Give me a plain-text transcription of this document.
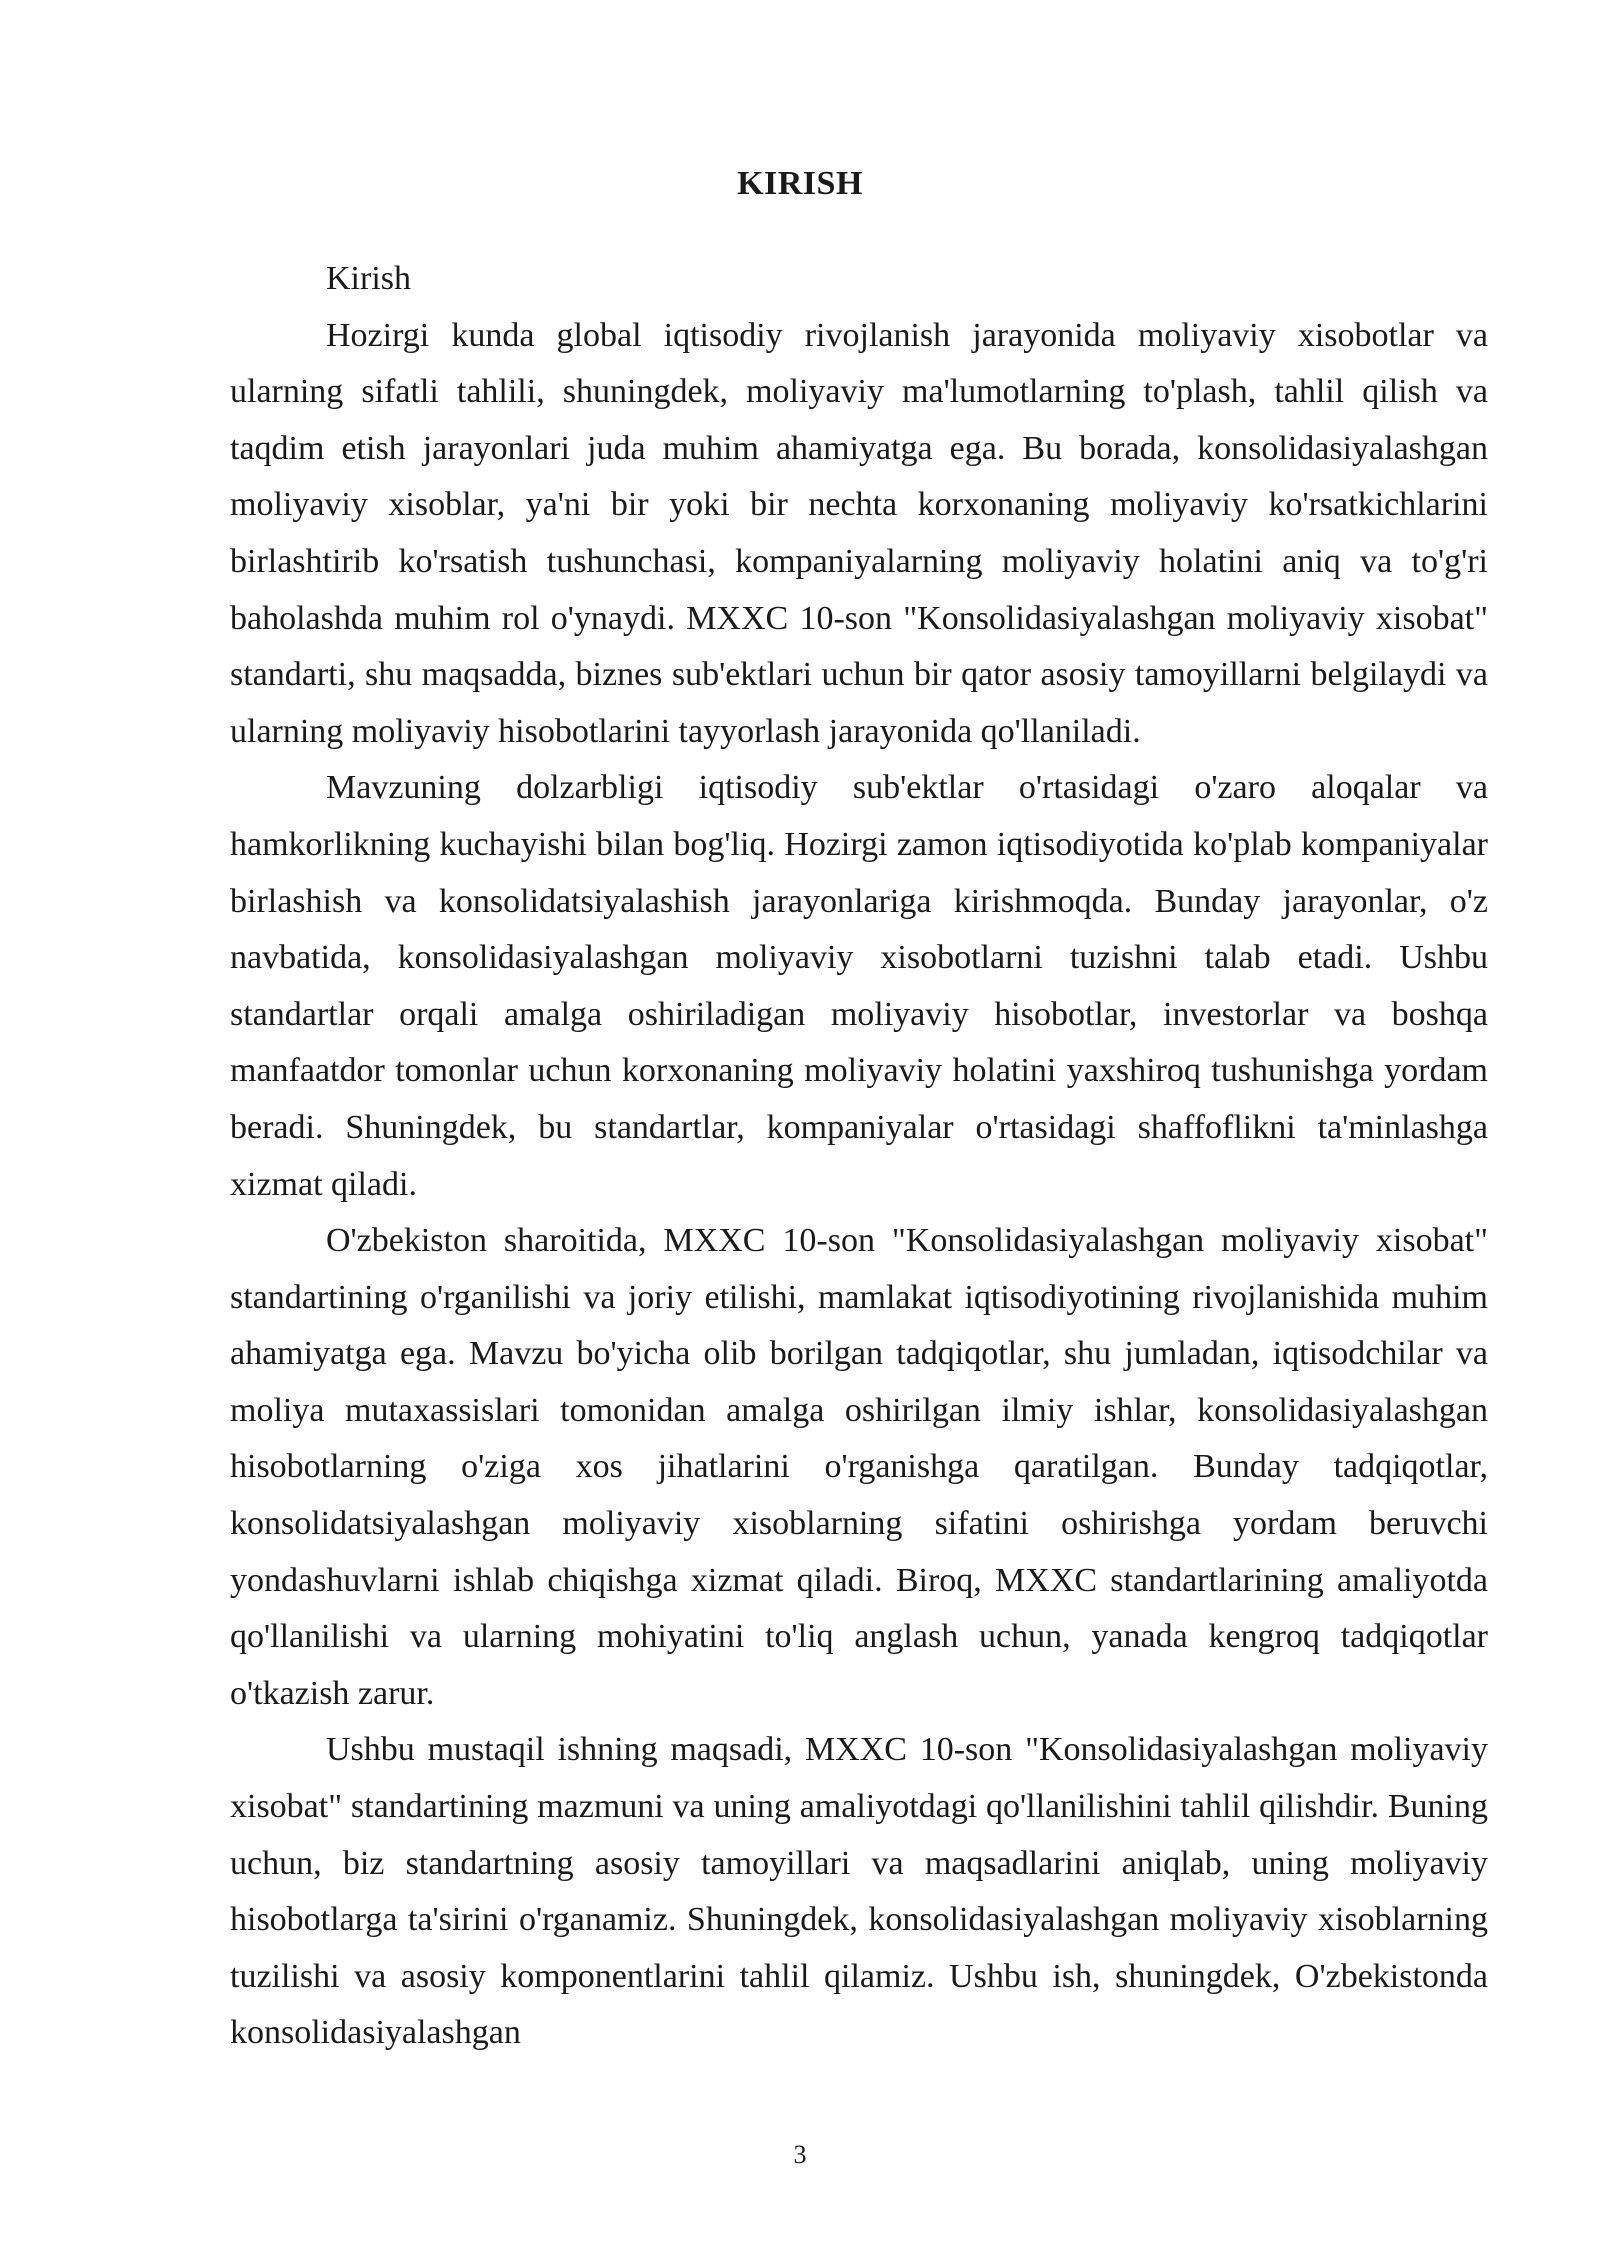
KIRISH

Kirish

Hozirgi kunda global iqtisodiy rivojlanish jarayonida moliyaviy xisobotlar va ularning sifatli tahlili, shuningdek, moliyaviy ma'lumotlarning to'plash, tahlil qilish va taqdim etish jarayonlari juda muhim ahamiyatga ega. Bu borada, konsolidasiyalashgan moliyaviy xisoblar, ya'ni bir yoki bir nechta korxonaning moliyaviy ko'rsatkichlarini birlashtirib ko'rsatish tushunchasi, kompaniyalarning moliyaviy holatini aniq va to'g'ri baholashda muhim rol o'ynaydi. MXXC 10-son "Konsolidasiyalashgan moliyaviy xisobat" standarti, shu maqsadda, biznes sub'ektlari uchun bir qator asosiy tamoyillarni belgilaydi va ularning moliyaviy hisobotlarini tayyorlash jarayonida qo'llaniladi.

Mavzuning dolzarbligi iqtisodiy sub'ektlar o'rtasidagi o'zaro aloqalar va hamkorlikning kuchayishi bilan bog'liq. Hozirgi zamon iqtisodiyotida ko'plab kompaniyalar birlashish va konsolidatsiyalashish jarayonlariga kirishmoqda. Bunday jarayonlar, o'z navbatida, konsolidasiyalashgan moliyaviy xisobotlarni tuzishni talab etadi. Ushbu standartlar orqali amalga oshiriladigan moliyaviy hisobotlar, investorlar va boshqa manfaatdor tomonlar uchun korxonaning moliyaviy holatini yaxshiroq tushunishga yordam beradi. Shuningdek, bu standartlar, kompaniyalar o'rtasidagi shaffoflikni ta'minlashga xizmat qiladi.

O'zbekiston sharoitida, MXXC 10-son "Konsolidasiyalashgan moliyaviy xisobat" standartining o'rganilishi va joriy etilishi, mamlakat iqtisodiyotining rivojlanishida muhim ahamiyatga ega. Mavzu bo'yicha olib borilgan tadqiqotlar, shu jumladan, iqtisodchilar va moliya mutaxassislari tomonidan amalga oshirilgan ilmiy ishlar, konsolidasiyalashgan hisobotlarning o'ziga xos jihatlarini o'rganishga qaratilgan. Bunday tadqiqotlar, konsolidatsiyalashgan moliyaviy xisoblarning sifatini oshirishga yordam beruvchi yondashuvlarni ishlab chiqishga xizmat qiladi. Biroq, MXXC standartlarining amaliyotda qo'llanilishi va ularning mohiyatini to'liq anglash uchun, yanada kengroq tadqiqotlar o'tkazish zarur.

Ushbu mustaqil ishning maqsadi, MXXC 10-son "Konsolidasiyalashgan moliyaviy xisobat" standartining mazmuni va uning amaliyotdagi qo'llanilishini tahlil qilishdir. Buning uchun, biz standartning asosiy tamoyillari va maqsadlarini aniqlab, uning moliyaviy hisobotlarga ta'sirini o'rganamiz. Shuningdek, konsolidasiyalashgan moliyaviy xisoblarning tuzilishi va asosiy komponentlarini tahlil qilamiz. Ushbu ish, shuningdek, O'zbekistonda konsolidasiyalashgan

3
